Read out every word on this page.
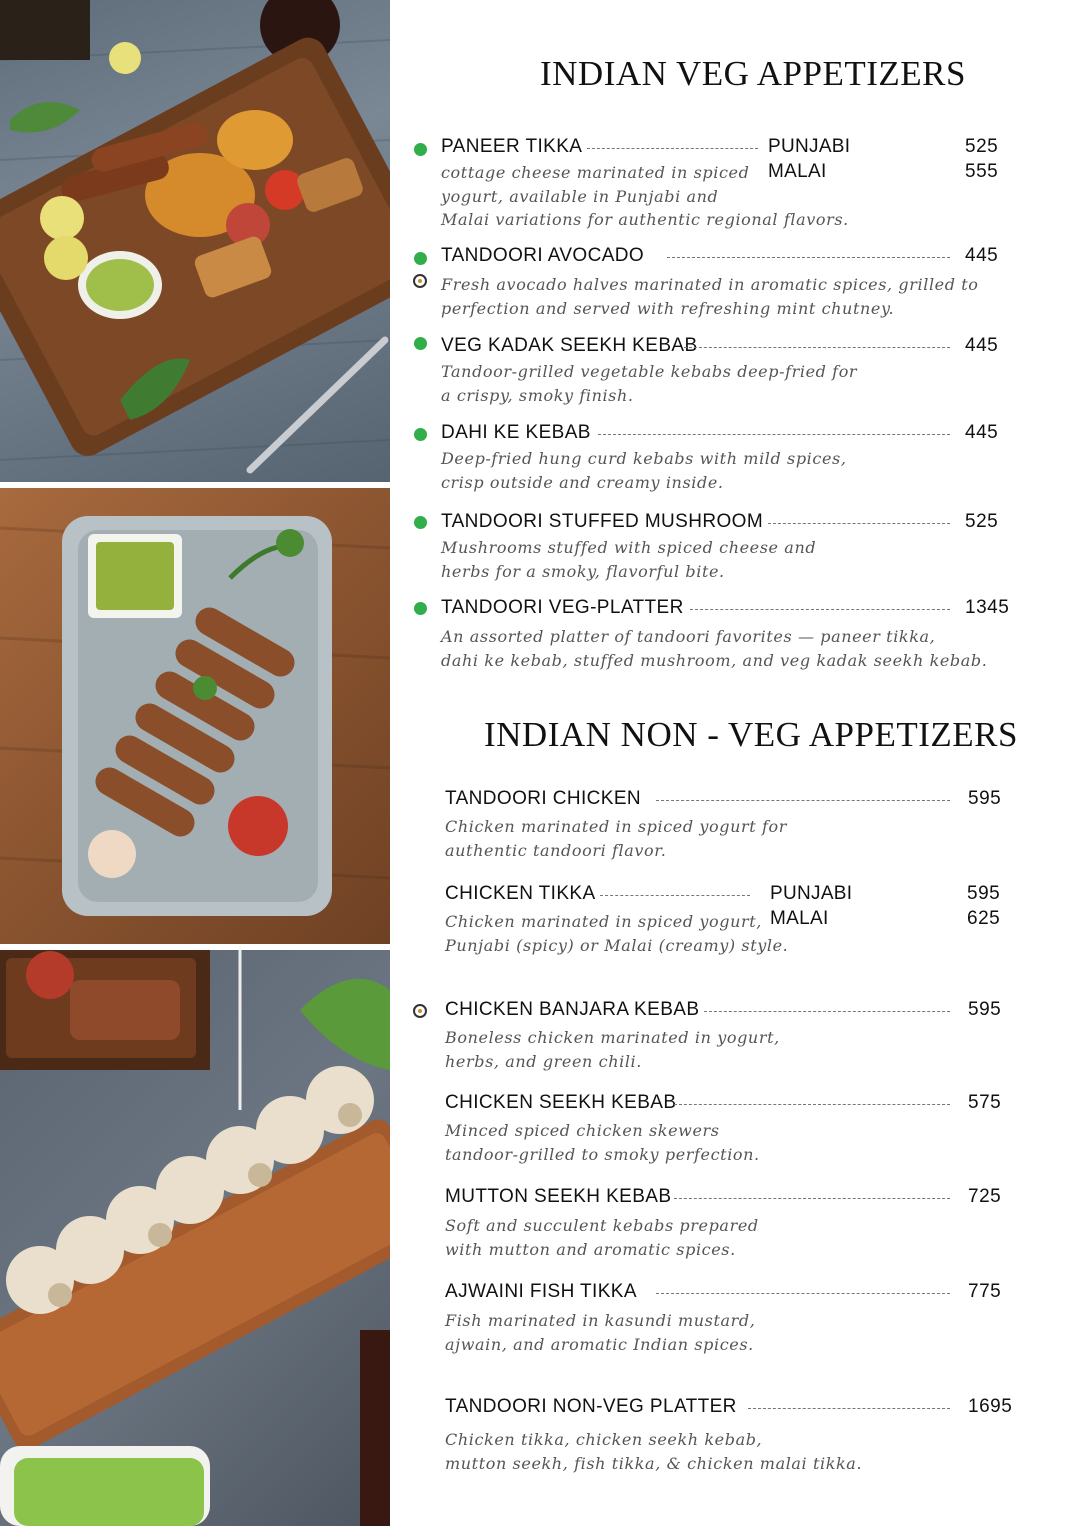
INDIAN VEG APPETIZERS
PANEER TIKKA	PUNJABI	525
MALAI	555

cottage cheese marinated in spiced
yogurt, available in Punjabi and
Malai variations for authentic regional flavors.

TANDOORI AVOCADO	445

Fresh avocado halves marinated in aromatic spices, grilled to
perfection and served with refreshing mint chutney.

VEG KADAK SEEKH KEBAB	445

Tandoor-grilled vegetable kebabs deep-fried for
a crispy, smoky finish.

DAHI KE KEBAB	445

Deep-fried hung curd kebabs with mild spices,
crisp outside and creamy inside.

TANDOORI STUFFED MUSHROOM	525

Mushrooms stuffed with spiced cheese and
herbs for a smoky, flavorful bite.

TANDOORI VEG-PLATTER	1345

An assorted platter of tandoori favorites — paneer tikka,
dahi ke kebab, stuffed mushroom, and veg kadak seekh kebab.

INDIAN NON - VEG APPETIZERS
TANDOORI CHICKEN	595

Chicken marinated in spiced yogurt for
authentic tandoori flavor.

CHICKEN TIKKA	PUNJABI	595
MALAI	625

Chicken marinated in spiced yogurt,
Punjabi (spicy) or Malai (creamy) style.

CHICKEN BANJARA KEBAB	595

Boneless chicken marinated in yogurt,
herbs, and green chili.

CHICKEN SEEKH KEBAB	575

Minced spiced chicken skewers
tandoor-grilled to smoky perfection.

MUTTON SEEKH KEBAB	725

Soft and succulent kebabs prepared
with mutton and aromatic spices.

AJWAINI FISH TIKKA	775

Fish marinated in kasundi mustard,
ajwain, and aromatic Indian spices.

TANDOORI NON-VEG PLATTER	1695

Chicken tikka, chicken seekh kebab,
mutton seekh, fish tikka, & chicken malai tikka.
